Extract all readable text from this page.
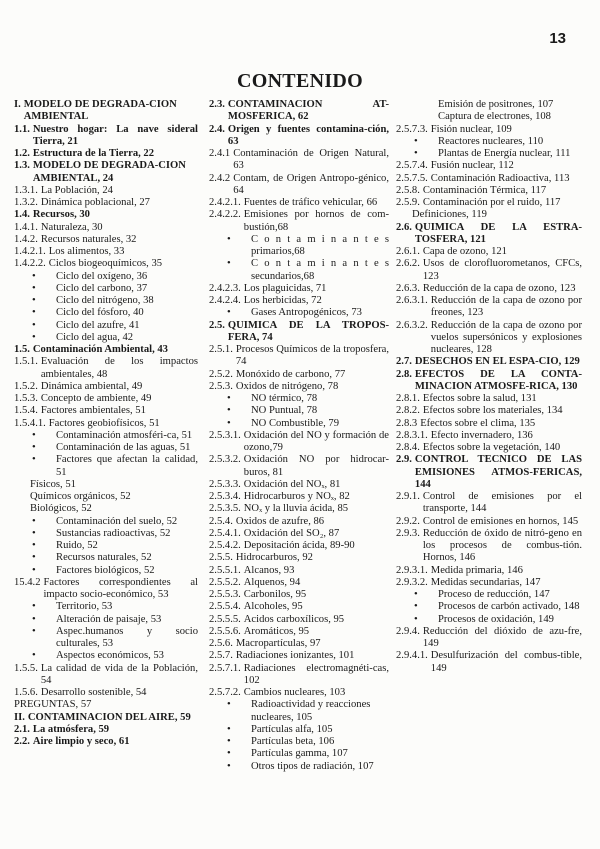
13
CONTENIDO
I. MODELO DE DEGRADA-CION AMBIENTAL
1.1. Nuestro hogar: La nave sideral Tierra, 21
1.2. Estructura de la Tierra, 22
1.3. MODELO DE DEGRADA-CION AMBIENTAL, 24
1.3.1. La Población, 24
1.3.2. Dinámica poblacional, 27
1.4. Recursos, 30
1.4.1. Naturaleza, 30
1.4.2. Recursos naturales, 32
1.4.2.1. Los alimentos, 33
1.4.2.2. Ciclos biogeoquímicos, 35
•	Ciclo del oxígeno, 36
•	Ciclo del carbono, 37
•	Ciclo del nitrógeno, 38
•	Ciclo del fósforo, 40
•	Ciclo del azufre, 41
•	Ciclo del agua, 42
1.5. Contaminación Ambiental, 43
1.5.1. Evaluación de los impactos ambientales, 48
1.5.2. Dinámica ambiental, 49
1.5.3. Concepto de ambiente, 49
1.5.4. Factores ambientales, 51
1.5.4.1. Factores geobiofísicos, 51
•	Contaminación atmosféri-ca, 51
•	Contaminación de las aguas, 51
•	Factores que afectan la calidad, 51
Físicos, 51
Químicos orgánicos, 52
Biológicos, 52
•	Contaminación del suelo, 52
•	Sustancias radioactivas, 52
•	Ruido, 52
•	Recursos naturales, 52
•	Factores biológicos, 52
15.4.2 Factores correspondientes al impacto socio-económico, 53
•	Territorio, 53
•	Alteración de paisaje, 53
•	Aspec.humanos y socio culturales, 53
•	Aspectos económicos, 53
1.5.5. La calidad de vida de la Población, 54
1.5.6. Desarrollo sostenible, 54
PREGUNTAS, 57
II. CONTAMINACION DEL AIRE, 59
2.1. La atmósfera, 59
2.2. Aire limpio y seco, 61
2.3. CONTAMINACION AT-MOSFERICA, 62
2.4. Origen y fuentes contamina-ción, 63
2.4.1 Contaminación de Origen Natural, 63
2.4.2 Contam, de Origen Antropo-génico, 64
2.4.2.1. Fuentes de tráfico vehicular, 66
2.4.2.2. Emisiones por hornos de com-bustión,68
•	C o n t a m i n a n t e s primarios,68
•	C o n t a m i n a n t e s secundarios,68
2.4.2.3. Los plaguicidas, 71
2.4.2.4. Los herbicidas, 72
•	Gases Antropogénicos, 73
2.5. QUIMICA DE LA TROPOS-FERA, 74
2.5.1. Procesos Químicos de la troposfera, 74
2.5.2. Monóxido de carbono, 77
2.5.3. Oxidos de nitrógeno, 78
•	NO térmico, 78
•	NO Puntual, 78
•	NO Combustible, 79
2.5.3.1. Oxidación del NO y formación de ozono,79
2.5.3.2. Oxidación NO por hidrocar-buros, 81
2.5.3.3. Oxidación del NOₓ, 81
2.5.3.4. Hidrocarburos y NOₓ, 82
2.5.3.5. NOₓ y la lluvia ácida, 85
2.5.4. Oxidos de azufre, 86
2.5.4.1. Oxidación del SO₂, 87
2.5.4.2. Depositación ácida, 89-90
2.5.5. Hidrocarburos, 92
2.5.5.1. Alcanos, 93
2.5.5.2. Alquenos, 94
2.5.5.3. Carbonilos, 95
2.5.5.4. Alcoholes, 95
2.5.5.5. Acidos carboxílicos, 95
2.5.5.6. Aromáticos, 95
2.5.6. Macropartículas, 97
2.5.7. Radiaciones ionizantes, 101
2.5.7.1. Radiaciones electromagnéti-cas, 102
2.5.7.2. Cambios nucleares, 103
•	Radioactividad y reacciones nucleares, 105
•	Partículas alfa, 105
•	Partículas beta, 106
•	Partículas gamma, 107
•	Otros tipos de radiación, 107
Emisión de positrones, 107
Captura de electrones, 108
2.5.7.3. Fisión nuclear, 109
•	Reactores nucleares, 110
•	Plantas de Energía nuclear, 111
2.5.7.4. Fusión nuclear, 112
2.5.7.5. Contaminación Radioactiva, 113
2.5.8. Contaminación Térmica, 117
2.5.9. Contaminación por el ruido, 117
Definiciones, 119
2.6. QUIMICA DE LA ESTRA-TOSFERA, 121
2.6.1. Capa de ozono, 121
2.6.2. Usos de clorofluorometanos, CFCs, 123
2.6.3. Reducción de la capa de ozono, 123
2.6.3.1. Reducción de la capa de ozono por freones, 123
2.6.3.2. Reducción de la capa de ozono por vuelos supersónicos y explosiones nucleares, 128
2.7. DESECHOS EN EL ESPA-CIO, 129
2.8. EFECTOS DE LA CONTA-MINACION ATMOSFE-RICA, 130
2.8.1. Efectos sobre la salud, 131
2.8.2. Efectos sobre los materiales, 134
2.8.3 Efectos sobre el clima, 135
2.8.3.1. Efecto invernadero, 136
2.8.4. Efectos sobre la vegetación, 140
2.9. CONTROL TECNICO DE LAS EMISIONES ATMOS-FERICAS, 144
2.9.1. Control de emisiones por el transporte, 144
2.9.2. Control de emisiones en hornos, 145
2.9.3. Reducción de óxido de nitró-geno en los procesos de combus-tión. Hornos, 146
2.9.3.1. Medida primaria, 146
2.9.3.2. Medidas secundarias, 147
•	Proceso de reducción, 147
•	Procesos de carbón activado, 148
•	Procesos de oxidación, 149
2.9.4. Reducción del dióxido de azu-fre, 149
2.9.4.1. Desulfurización del combus-tible, 149
